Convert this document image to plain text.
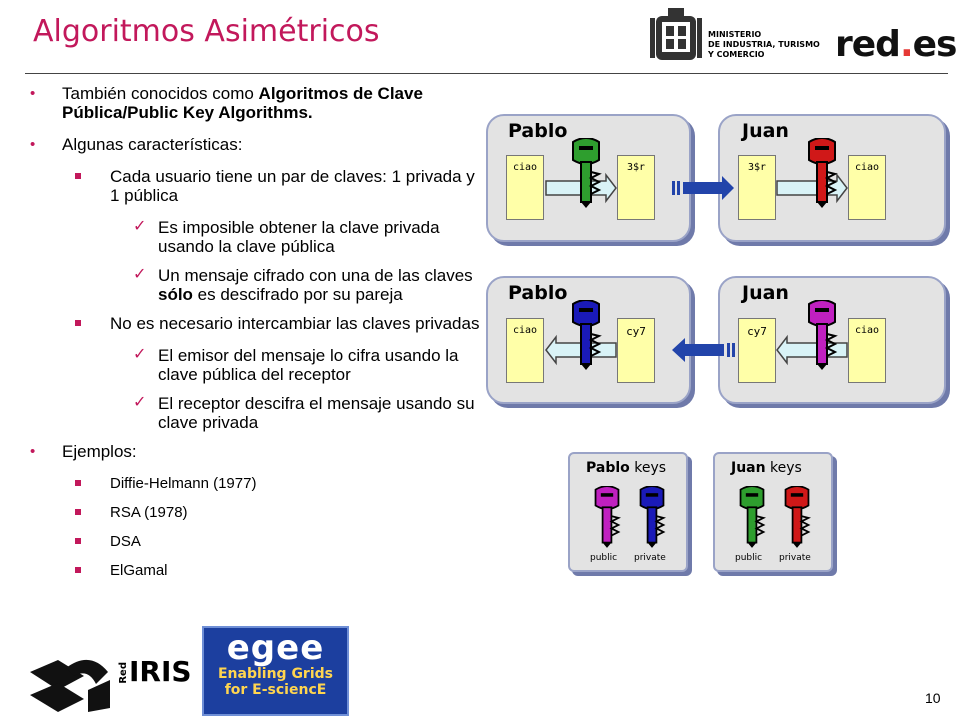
Algoritmos Asimétricos	MINISTERIO
DE INDUSTRIA, TURISMO
Y COMERCIO	red.es
• También conocidos como Algoritmos de Clave Pública/Public Key Algorithms.
• Algunas características:
Cada usuario tiene un par de claves: 1 privada y 1 pública
✓ Es imposible obtener la clave privada usando la clave pública
✓ Un mensaje cifrado con una de las claves sólo es descifrado por su pareja
No es necesario intercambiar las claves privadas
✓ El emisor del mensaje lo cifra usando la clave pública del receptor
✓ El receptor descifra el mensaje usando su clave privada
• Ejemplos:
Diffie-Helmann (1977)
RSA (1978)
DSA
ElGamal
Pablo	Juan
ciao	3$r	3$r	ciao
Pablo	Juan
ciao	cy7	cy7	ciao
Pablo keys	Juan keys
public private	public private
RedIRIS
egee
Enabling Grids
for E-sciencE	10
